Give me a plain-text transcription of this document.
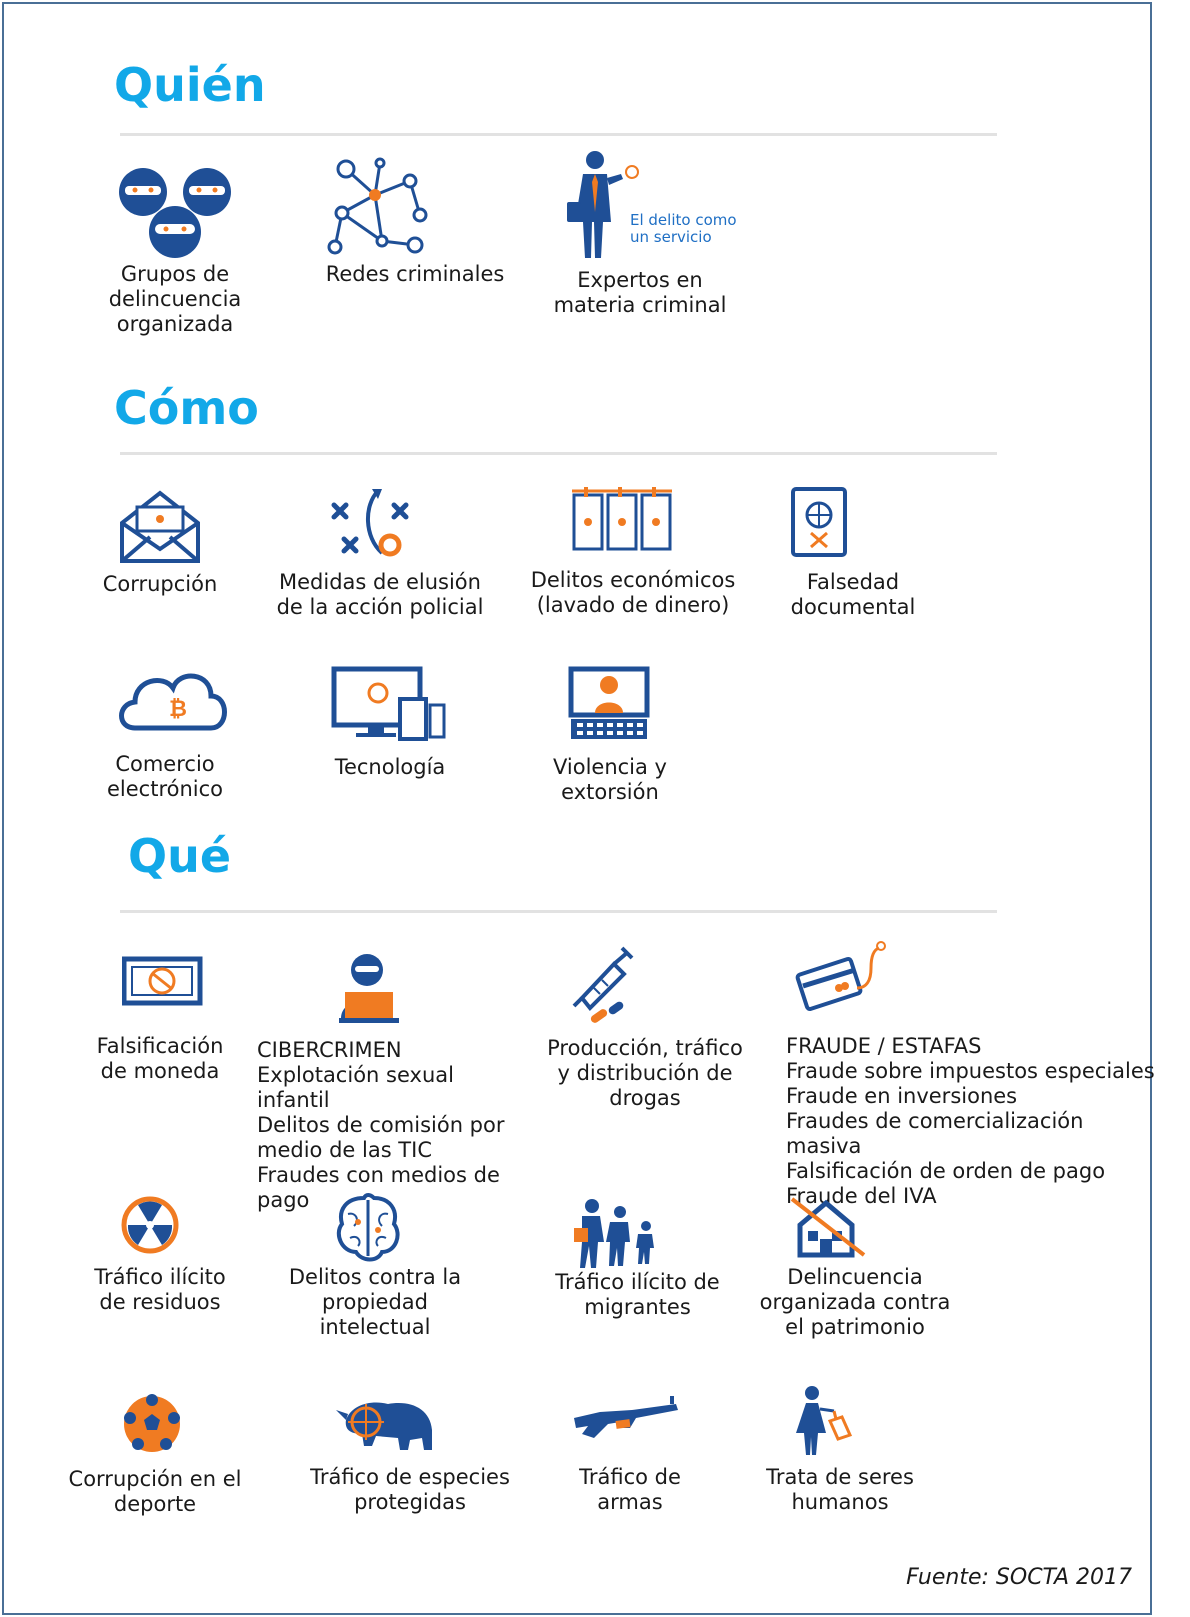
Quién
Grupos de
delincuencia
organizada
Redes criminales
El delito como
un servicio
Expertos en
materia criminal
Cómo
Corrupción	Medidas de elusión
de la acción policial
Delitos económicos
(lavado de dinero)
Falsedad
documental
₿
Comercio
electrónico
Tecnología	Violencia y
extorsión
Qué
Falsificación
de moneda
CIBERCRIMEN
Explotación sexual infantil
Delitos de comisión por
medio de las TIC
Fraudes con medios de
pago
Producción, tráfico
y distribución de
drogas
FRAUDE / ESTAFAS
Fraude sobre impuestos especiales
Fraude en inversiones
Fraudes de comercialización masiva
Falsificación de orden de pago
Fraude del IVA
Tráfico ilícito
de residuos
Delitos contra la
propiedad
intelectual
Tráfico ilícito de
migrantes
Delincuencia
organizada contra
el patrimonio
Corrupción en el
deporte
Tráfico de especies
protegidas
Tráfico de
armas
Trata de seres
humanos
Fuente: SOCTA 2017
